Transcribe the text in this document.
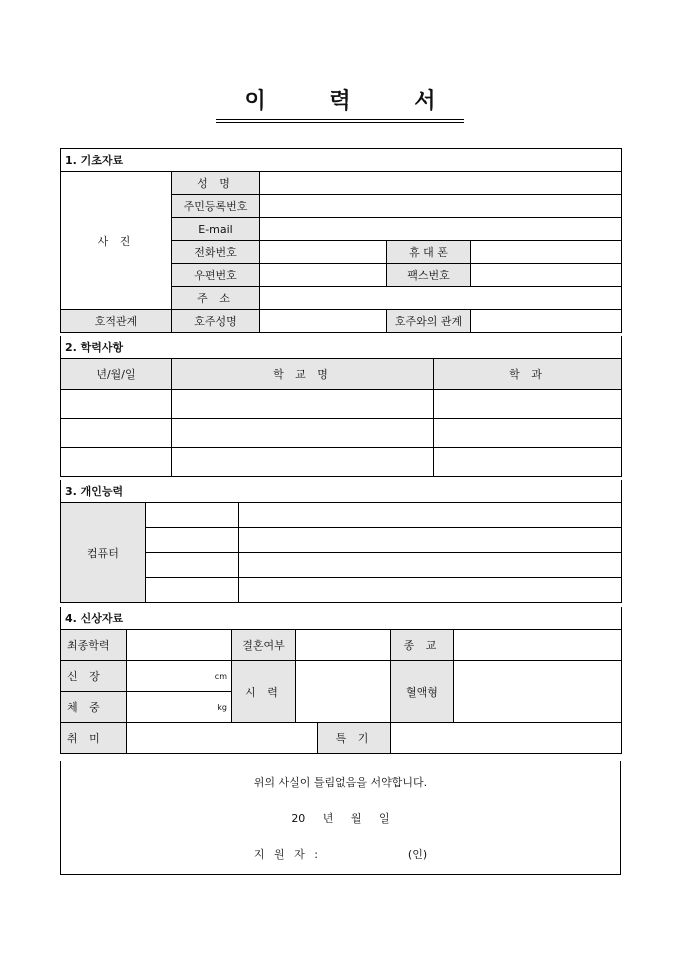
이 력 서
1. 기초자료				
사 진	성 명			
	주민등록번호			
	E-mail			
	전화번호		휴 대 폰	
	우편번호		팩스번호	
	주 소			
호적관계	호주성명		호주와의 관계	
2. 학력사항		
년/월/일	학 교 명	학 과

3. 개인능력		
컴퓨터		

4. 신상자료						
최종학력		결혼여부			종 교	
신 장	cm	시 력			혈액형	
체 중	kg					
취 미				특 기		
위의 사실이 틀림없음을 서약합니다.
20 년 월 일
지 원 자 :	(인)
